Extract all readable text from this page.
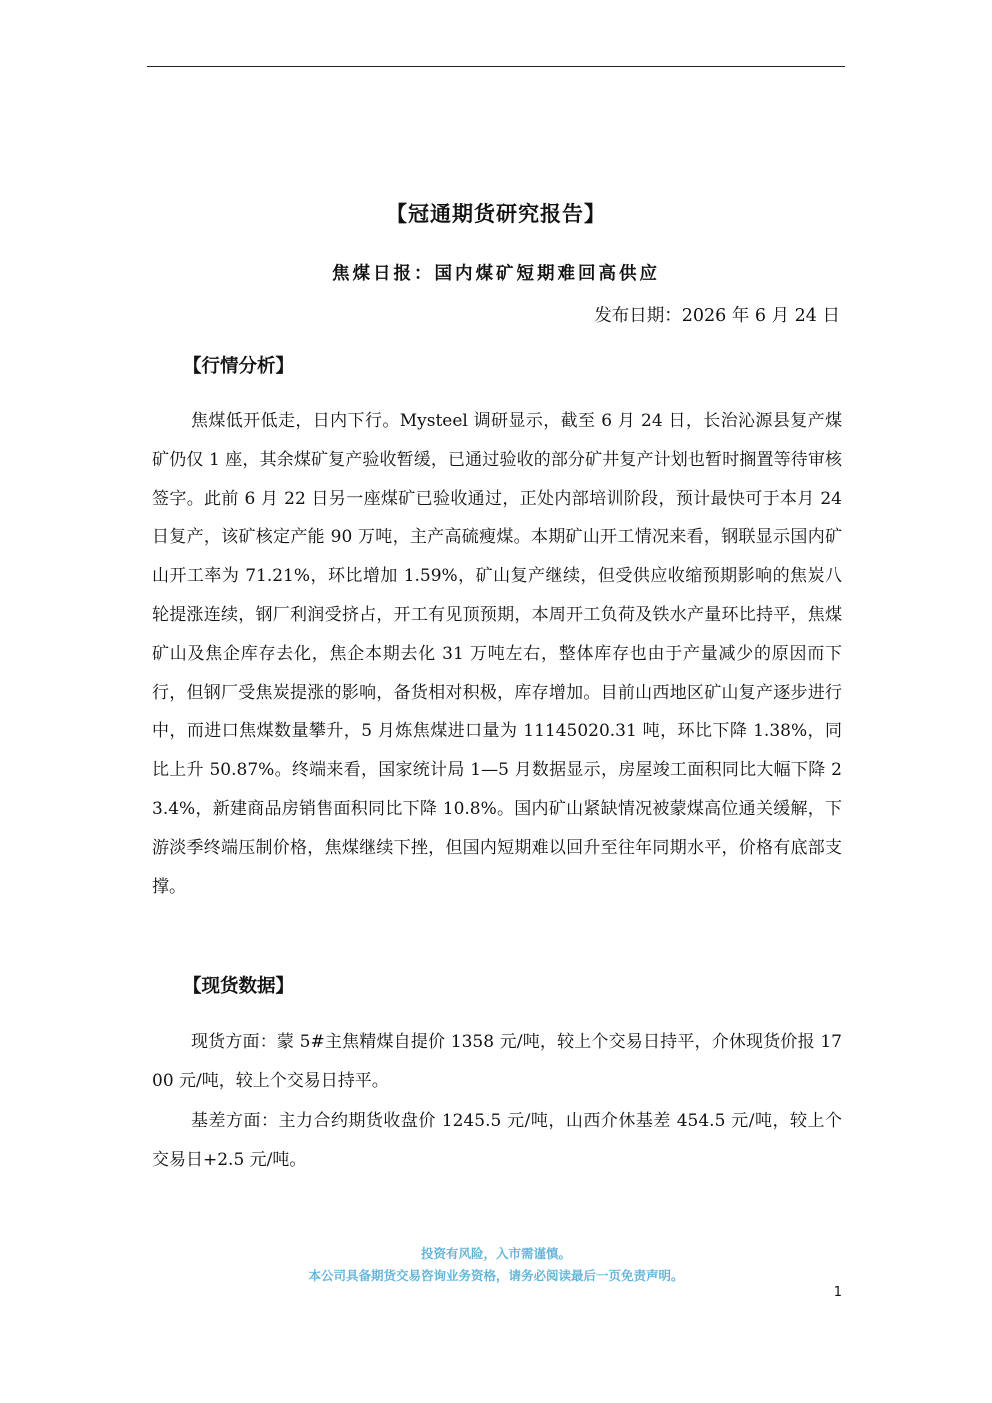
【冠通期货研究报告】
焦煤日报：国内煤矿短期难回高供应
发布日期：2026 年 6 月 24 日
【行情分析】

焦煤低开低走，日内下行。Mysteel 调研显示，截至 6 月 24 日，长治沁源县复产煤矿仍仅 1 座，其余煤矿复产验收暂缓，已通过验收的部分矿井复产计划也暂时搁置等待审核签字。此前 6 月 22 日另一座煤矿已验收通过，正处内部培训阶段，预计最快可于本月 24 日复产，该矿核定产能 90 万吨，主产高硫瘦煤。本期矿山开工情况来看，钢联显示国内矿山开工率为 71.21%，环比增加 1.59%，矿山复产继续，但受供应收缩预期影响的焦炭八轮提涨连续，钢厂利润受挤占，开工有见顶预期，本周开工负荷及铁水产量环比持平，焦煤矿山及焦企库存去化，焦企本期去化 31 万吨左右，整体库存也由于产量减少的原因而下行，但钢厂受焦炭提涨的影响，备货相对积极，库存增加。目前山西地区矿山复产逐步进行中，而进口焦煤数量攀升，5 月炼焦煤进口量为 11145020.31 吨，环比下降 1.38%，同比上升 50.87%。终端来看，国家统计局 1—5 月数据显示，房屋竣工面积同比大幅下降 23.4%，新建商品房销售面积同比下降 10.8%。国内矿山紧缺情况被蒙煤高位通关缓解，下游淡季终端压制价格，焦煤继续下挫，但国内短期难以回升至往年同期水平，价格有底部支撑。

【现货数据】

现货方面：蒙 5#主焦精煤自提价 1358 元/吨，较上个交易日持平，介休现货价报 1700 元/吨，较上个交易日持平。

基差方面：主力合约期货收盘价 1245.5 元/吨，山西介休基差 454.5 元/吨，较上个交易日+2.5 元/吨。

投资有风险，入市需谨慎。
本公司具备期货交易咨询业务资格，请务必阅读最后一页免责声明。
1
